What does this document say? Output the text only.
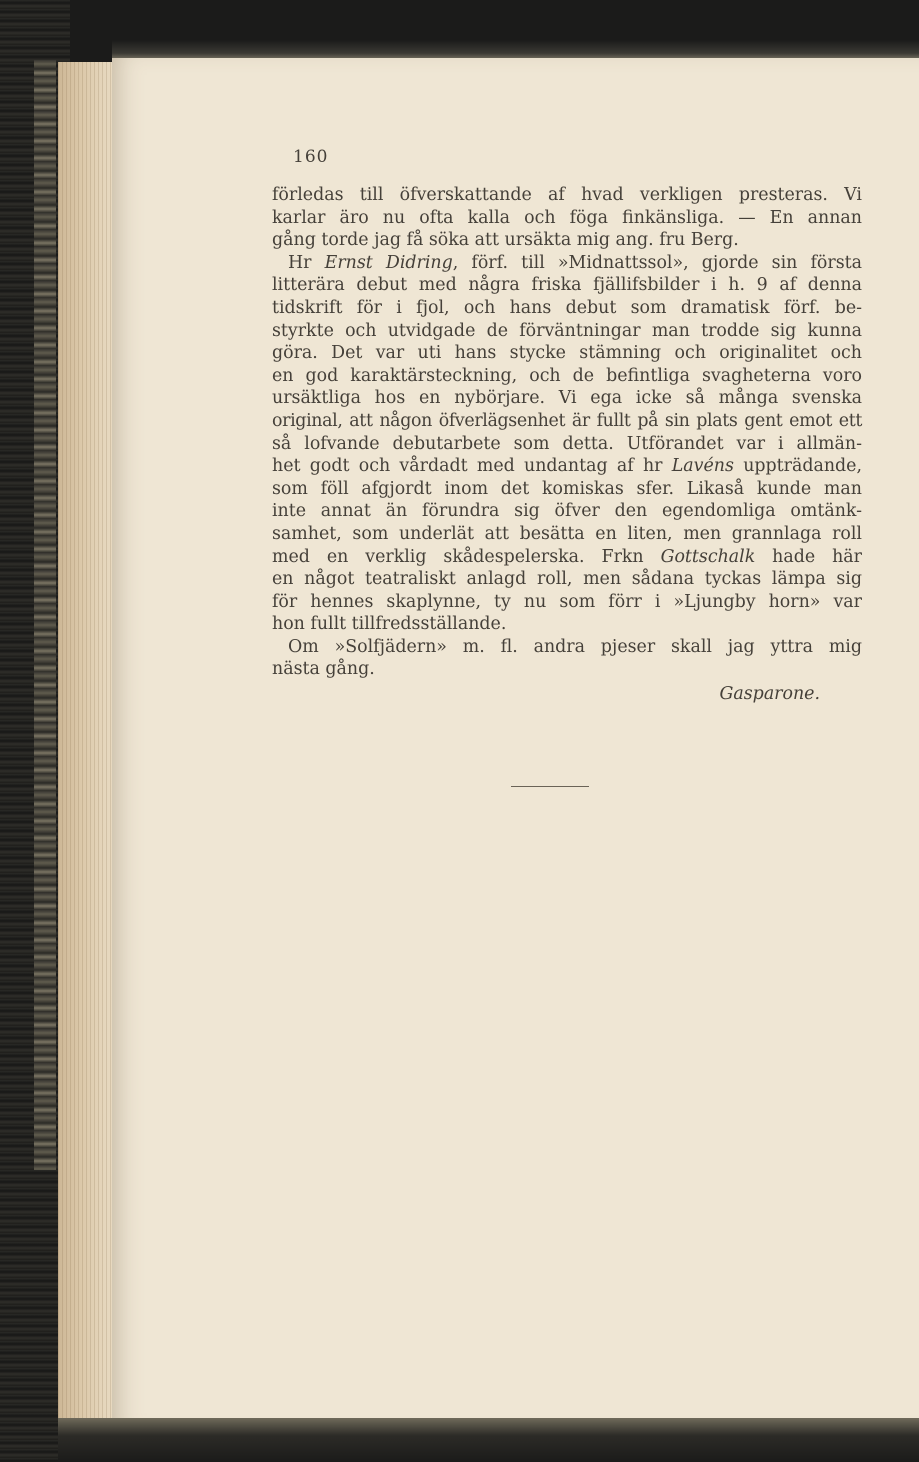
160
förledas till öfverskattande af hvad verkligen presteras. Vi
karlar äro nu ofta kalla och föga finkänsliga. — En annan
gång torde jag få söka att ursäkta mig ang. fru Berg.
Hr Ernst Didring, förf. till »Midnattssol», gjorde sin första
litterära debut med några friska fjällifsbilder i h. 9 af denna
tidskrift för i fjol, och hans debut som dramatisk förf. be-
styrkte och utvidgade de förväntningar man trodde sig kunna
göra. Det var uti hans stycke stämning och originalitet och
en god karaktärsteckning, och de befintliga svagheterna voro
ursäktliga hos en nybörjare. Vi ega icke så många svenska
original, att någon öfverlägsenhet är fullt på sin plats gent emot ett
så lofvande debutarbete som detta. Utförandet var i allmän-
het godt och vårdadt med undantag af hr Lavéns uppträdande,
som föll afgjordt inom det komiskas sfer. Likaså kunde man
inte annat än förundra sig öfver den egendomliga omtänk-
samhet, som underlät att besätta en liten, men grannlaga roll
med en verklig skådespelerska. Frkn Gottschalk hade här
en något teatraliskt anlagd roll, men sådana tyckas lämpa sig
för hennes skaplynne, ty nu som förr i »Ljungby horn» var
hon fullt tillfredsställande.
Om »Solfjädern» m. fl. andra pjeser skall jag yttra mig
nästa gång.
Gasparone.
